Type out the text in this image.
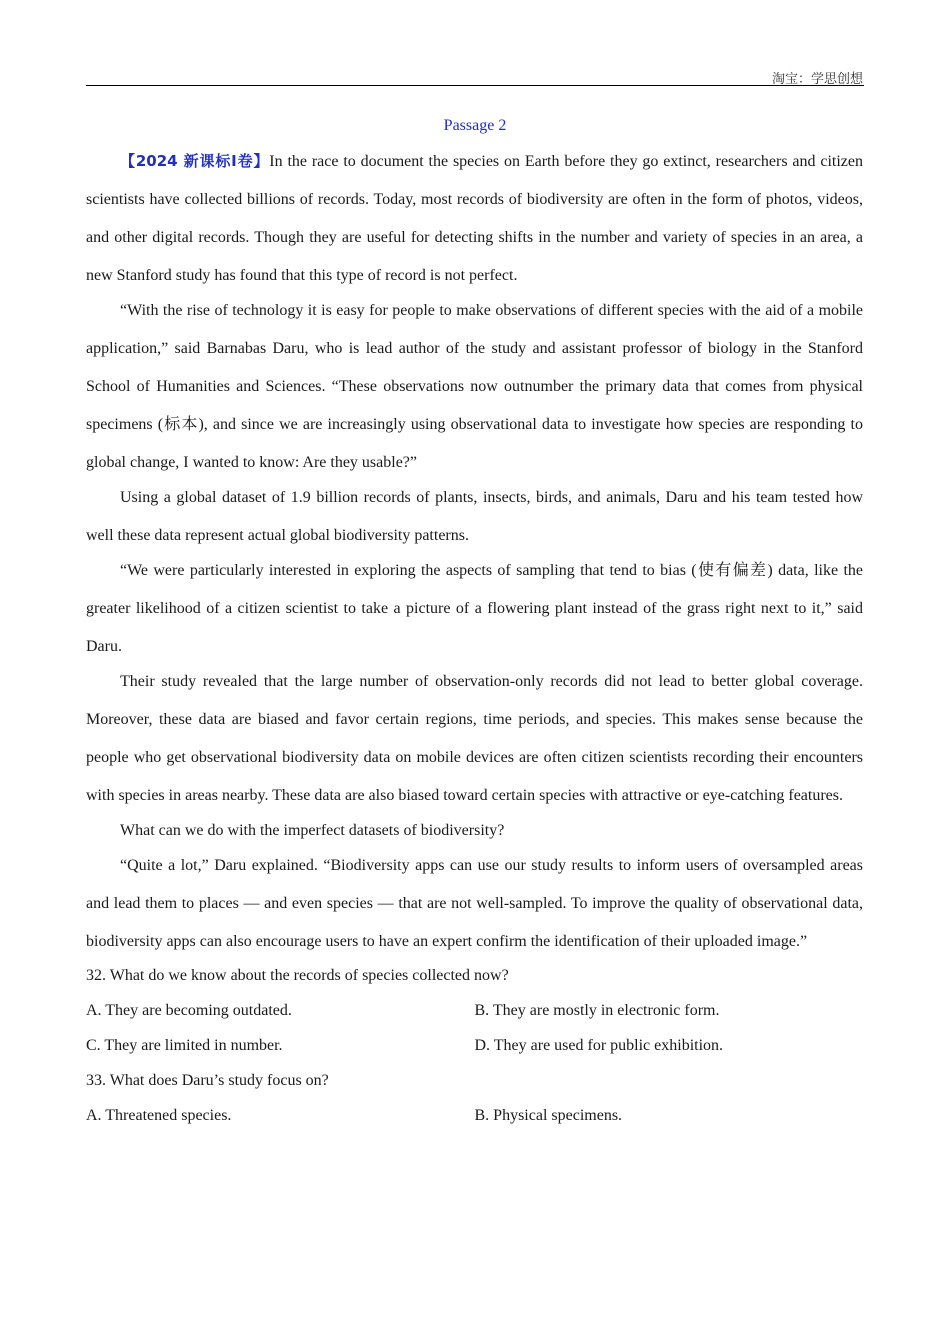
淘宝：学思创想
Passage 2

【2024 新课标Ⅰ卷】In the race to document the species on Earth before they go extinct, researchers and citizen scientists have collected billions of records. Today, most records of biodiversity are often in the form of photos, videos, and other digital records. Though they are useful for detecting shifts in the number and variety of species in an area, a new Stanford study has found that this type of record is not perfect.

“With the rise of technology it is easy for people to make observations of different species with the aid of a mobile application,” said Barnabas Daru, who is lead author of the study and assistant professor of biology in the Stanford School of Humanities and Sciences. “These observations now outnumber the primary data that comes from physical specimens (标本), and since we are increasingly using observational data to investigate how species are responding to global change, I wanted to know: Are they usable?”

Using a global dataset of 1.9 billion records of plants, insects, birds, and animals, Daru and his team tested how well these data represent actual global biodiversity patterns.

“We were particularly interested in exploring the aspects of sampling that tend to bias (使有偏差) data, like the greater likelihood of a citizen scientist to take a picture of a flowering plant instead of the grass right next to it,” said Daru.

Their study revealed that the large number of observation-only records did not lead to better global coverage. Moreover, these data are biased and favor certain regions, time periods, and species. This makes sense because the people who get observational biodiversity data on mobile devices are often citizen scientists recording their encounters with species in areas nearby. These data are also biased toward certain species with attractive or eye-catching features.

What can we do with the imperfect datasets of biodiversity?

“Quite a lot,” Daru explained. “Biodiversity apps can use our study results to inform users of oversampled areas and lead them to places — and even species — that are not well-sampled. To improve the quality of observational data, biodiversity apps can also encourage users to have an expert confirm the identification of their uploaded image.”

32. What do we know about the records of species collected now?

A. They are becoming outdated.	B. They are mostly in electronic form.
C. They are limited in number.	D. They are used for public exhibition.

33. What does Daru’s study focus on?

A. Threatened species.	B. Physical specimens.
